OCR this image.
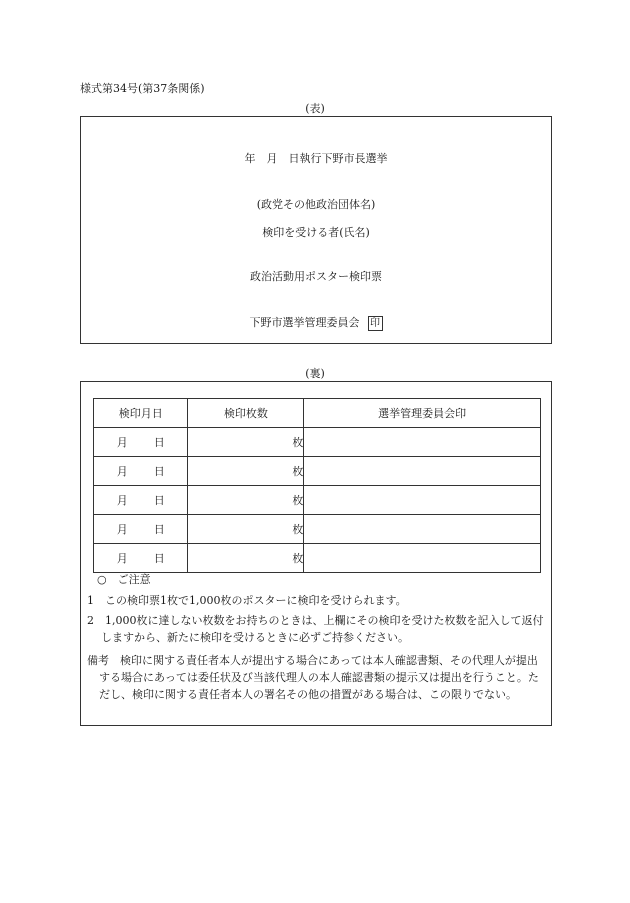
様式第34号(第37条関係)
(表)
年　月　日執行下野市長選挙
(政党その他政治団体名)
検印を受ける者(氏名)
政治活動用ポスター検印票
下野市選挙管理委員会 印
(裏)
検印月日	検印枚数	選挙管理委員会印
月 日	枚	
月 日	枚	
月 日	枚	
月 日	枚	
月 日	枚	
○　ご注意
1　この検印票1枚で1,000枚のポスターに検印を受けられます。
2　1,000枚に達しない枚数をお持ちのときは、上欄にその検印を受けた枚数を記入して返付しますから、新たに検印を受けるときに必ずご持参ください。
備考　検印に関する責任者本人が提出する場合にあっては本人確認書類、その代理人が提出する場合にあっては委任状及び当該代理人の本人確認書類の提示又は提出を行うこと。ただし、検印に関する責任者本人の署名その他の措置がある場合は、この限りでない。
